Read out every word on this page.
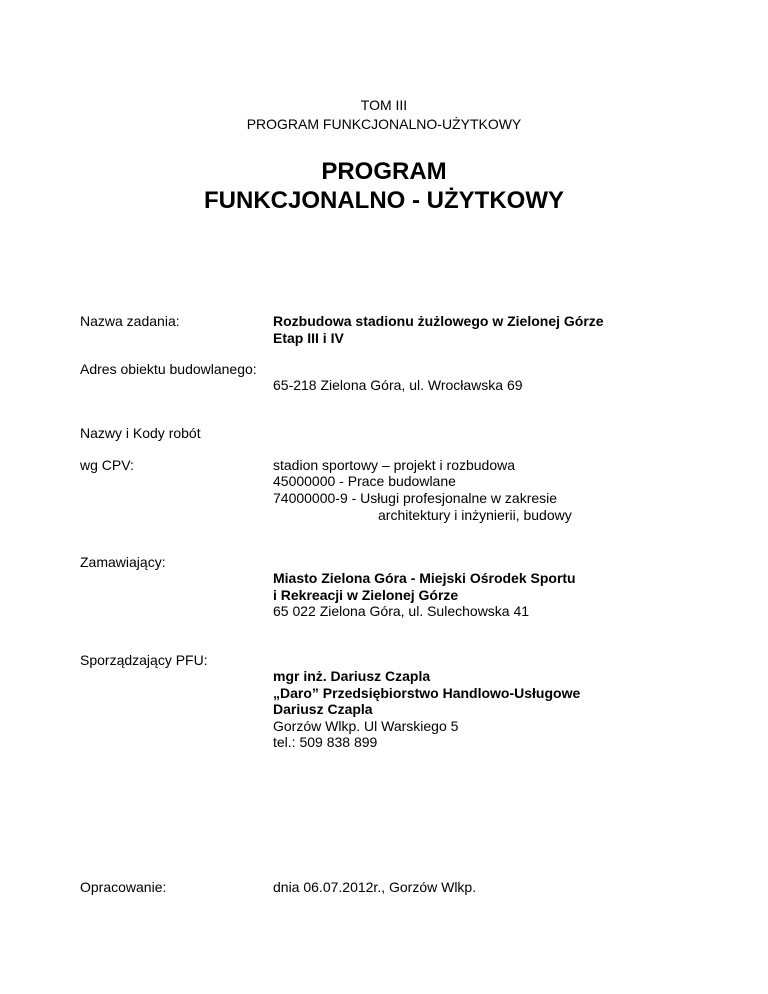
TOM III
PROGRAM FUNKCJONALNO-UŻYTKOWY
PROGRAM
FUNKCJONALNO - UŻYTKOWY
Nazwa zadania:	Rozbudowa stadionu żużlowego w Zielonej Górze
Etap III i IV
Adres obiektu budowlanego:
65-218 Zielona Góra, ul. Wrocławska 69
Nazwy i Kody robót
wg CPV:	stadion sportowy – projekt i rozbudowa
45000000 - Prace budowlane
74000000-9 - Usługi profesjonalne w zakresie
architektury i inżynierii, budowy
Zamawiający:
Miasto Zielona Góra - Miejski Ośrodek Sportu
i Rekreacji w Zielonej Górze
65 022 Zielona Góra, ul. Sulechowska 41
Sporządzający PFU:
mgr inż. Dariusz Czapla
„Daro” Przedsiębiorstwo Handlowo-Usługowe
Dariusz Czapla
Gorzów Wlkp. Ul Warskiego 5
tel.: 509 838 899
Opracowanie:	dnia 06.07.2012r., Gorzów Wlkp.
